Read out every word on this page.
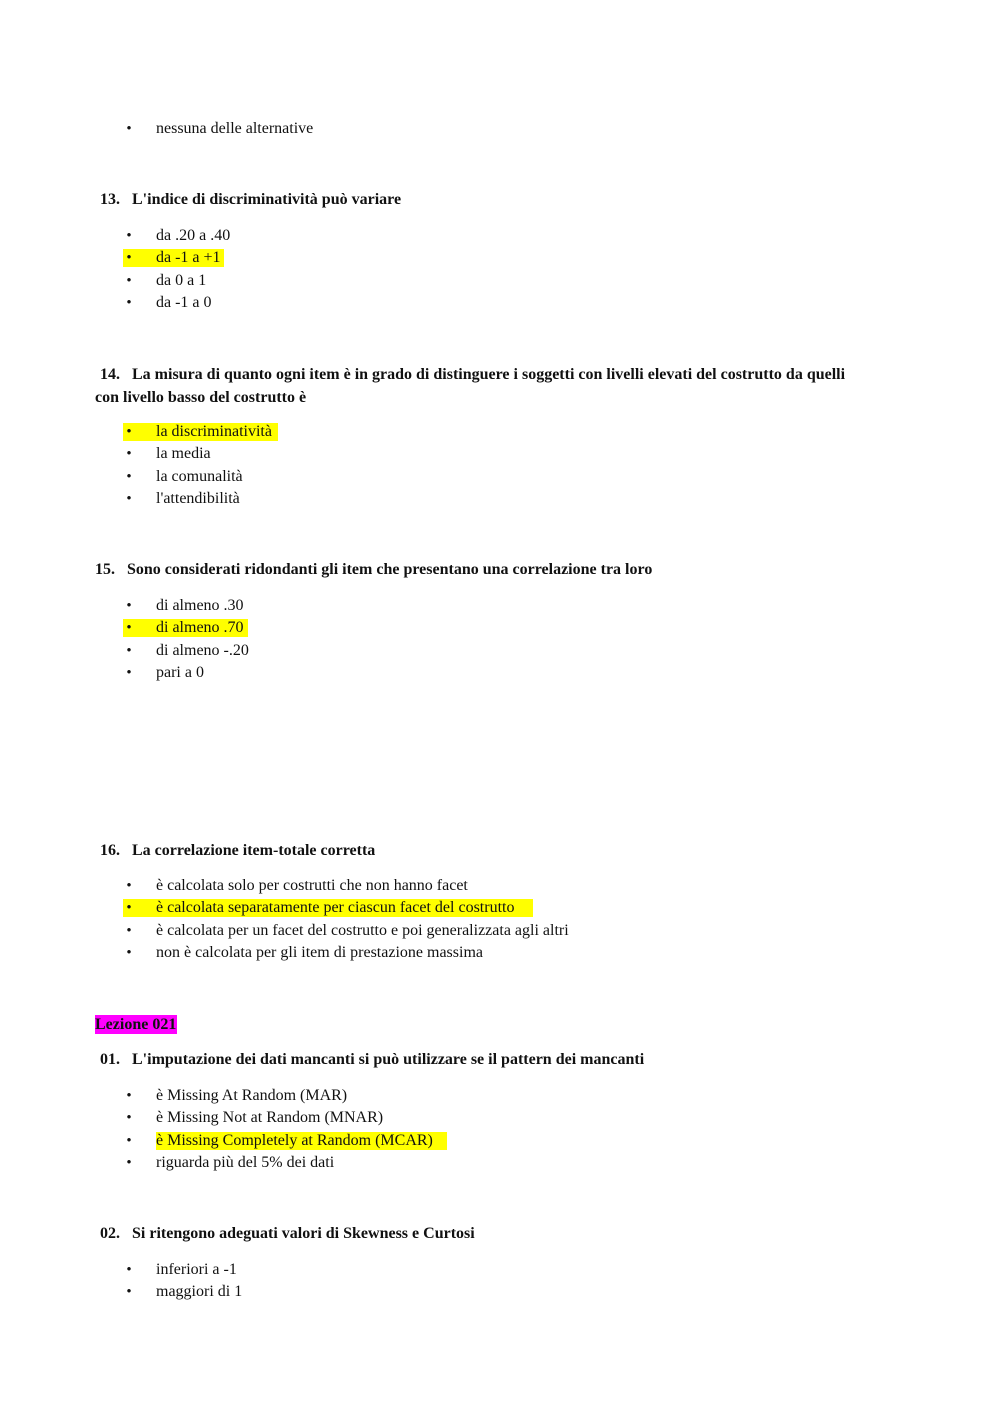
• nessuna delle alternative
13. L'indice di discriminatività può variare
• da .20 a .40
• da -1 a +1
• da 0 a 1
• da -1 a 0
14. La misura di quanto ogni item è in grado di distinguere i soggetti con livelli elevati del costrutto da quelli
con livello basso del costrutto è
• la discriminatività
• la media
• la comunalità
• l'attendibilità
15. Sono considerati ridondanti gli item che presentano una correlazione tra loro
• di almeno .30
• di almeno .70
• di almeno -.20
• pari a 0
16. La correlazione item-totale corretta
• è calcolata solo per costrutti che non hanno facet
• è calcolata separatamente per ciascun facet del costrutto
• è calcolata per un facet del costrutto e poi generalizzata agli altri
• non è calcolata per gli item di prestazione massima
Lezione 021
01. L'imputazione dei dati mancanti si può utilizzare se il pattern dei mancanti
• è Missing At Random (MAR)
• è Missing Not at Random (MNAR)
• è Missing Completely at Random (MCAR)
• riguarda più del 5% dei dati
02. Si ritengono adeguati valori di Skewness e Curtosi
• inferiori a -1
• maggiori di 1
